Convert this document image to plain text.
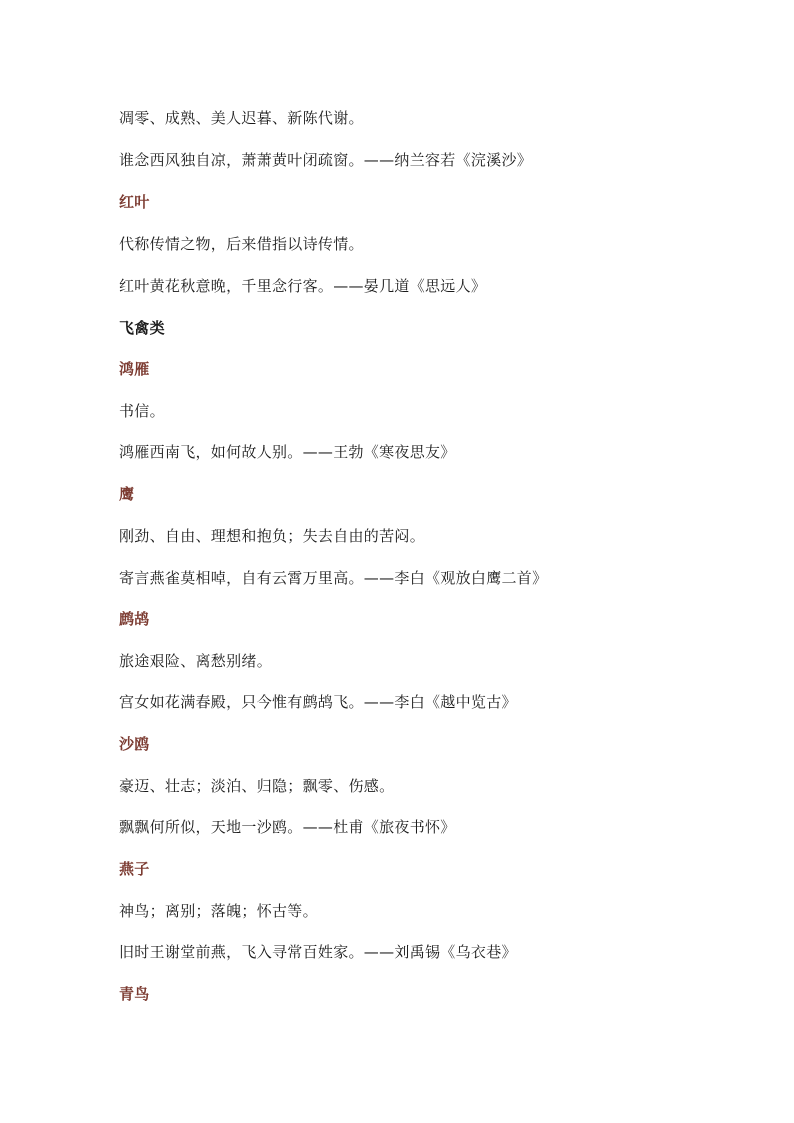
凋零、成熟、美人迟暮、新陈代谢。
谁念西风独自凉，萧萧黄叶闭疏窗。——纳兰容若《浣溪沙》
红叶
代称传情之物，后来借指以诗传情。
红叶黄花秋意晚，千里念行客。——晏几道《思远人》
飞禽类
鸿雁
书信。
鸿雁西南飞，如何故人别。——王勃《寒夜思友》
鹰
刚劲、自由、理想和抱负；失去自由的苦闷。
寄言燕雀莫相啅，自有云霄万里高。——李白《观放白鹰二首》
鹧鸪
旅途艰险、离愁别绪。
宫女如花满春殿，只今惟有鹧鸪飞。——李白《越中览古》
沙鸥
豪迈、壮志；淡泊、归隐；飘零、伤感。
飘飘何所似，天地一沙鸥。——杜甫《旅夜书怀》
燕子
神鸟；离别；落魄；怀古等。
旧时王谢堂前燕，飞入寻常百姓家。——刘禹锡《乌衣巷》
青鸟
